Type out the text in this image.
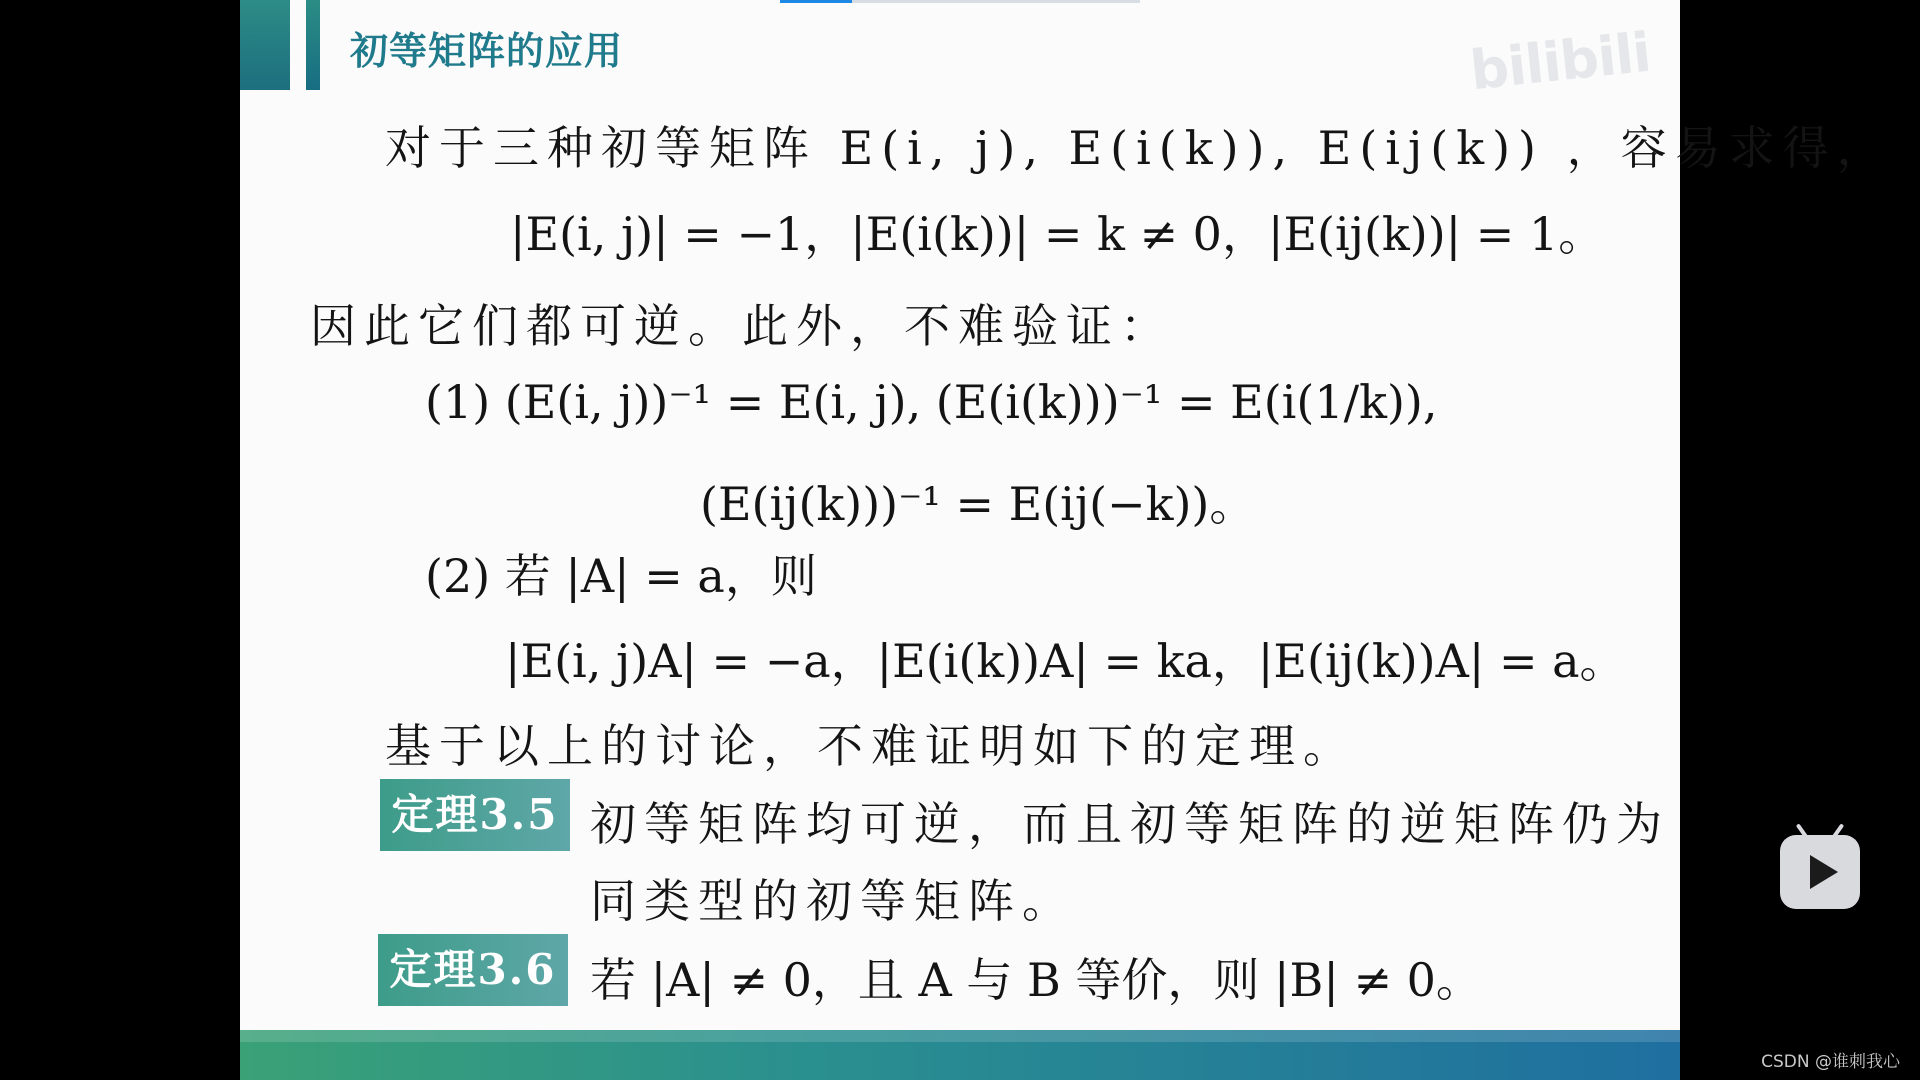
初等矩阵的应用	bilibili
对于三种初等矩阵 E(i, j), E(i(k)), E(ij(k)) ，容易求得，
|E(i, j)| = −1，|E(i(k))| = k ≠ 0，|E(ij(k))| = 1。
因此它们都可逆。此外，不难验证：
(1) (E(i, j))⁻¹ = E(i, j), (E(i(k)))⁻¹ = E(i(1/k)),
(E(ij(k)))⁻¹ = E(ij(−k))。
(2) 若 |A| = a，则
|E(i, j)A| = −a，|E(i(k))A| = ka，|E(ij(k))A| = a。
基于以上的讨论，不难证明如下的定理。
定理3.5 初等矩阵均可逆，而且初等矩阵的逆矩阵仍为
同类型的初等矩阵。
定理3.6 若 |A| ≠ 0，且 A 与 B 等价，则 |B| ≠ 0。
CSDN @谁刺我心
